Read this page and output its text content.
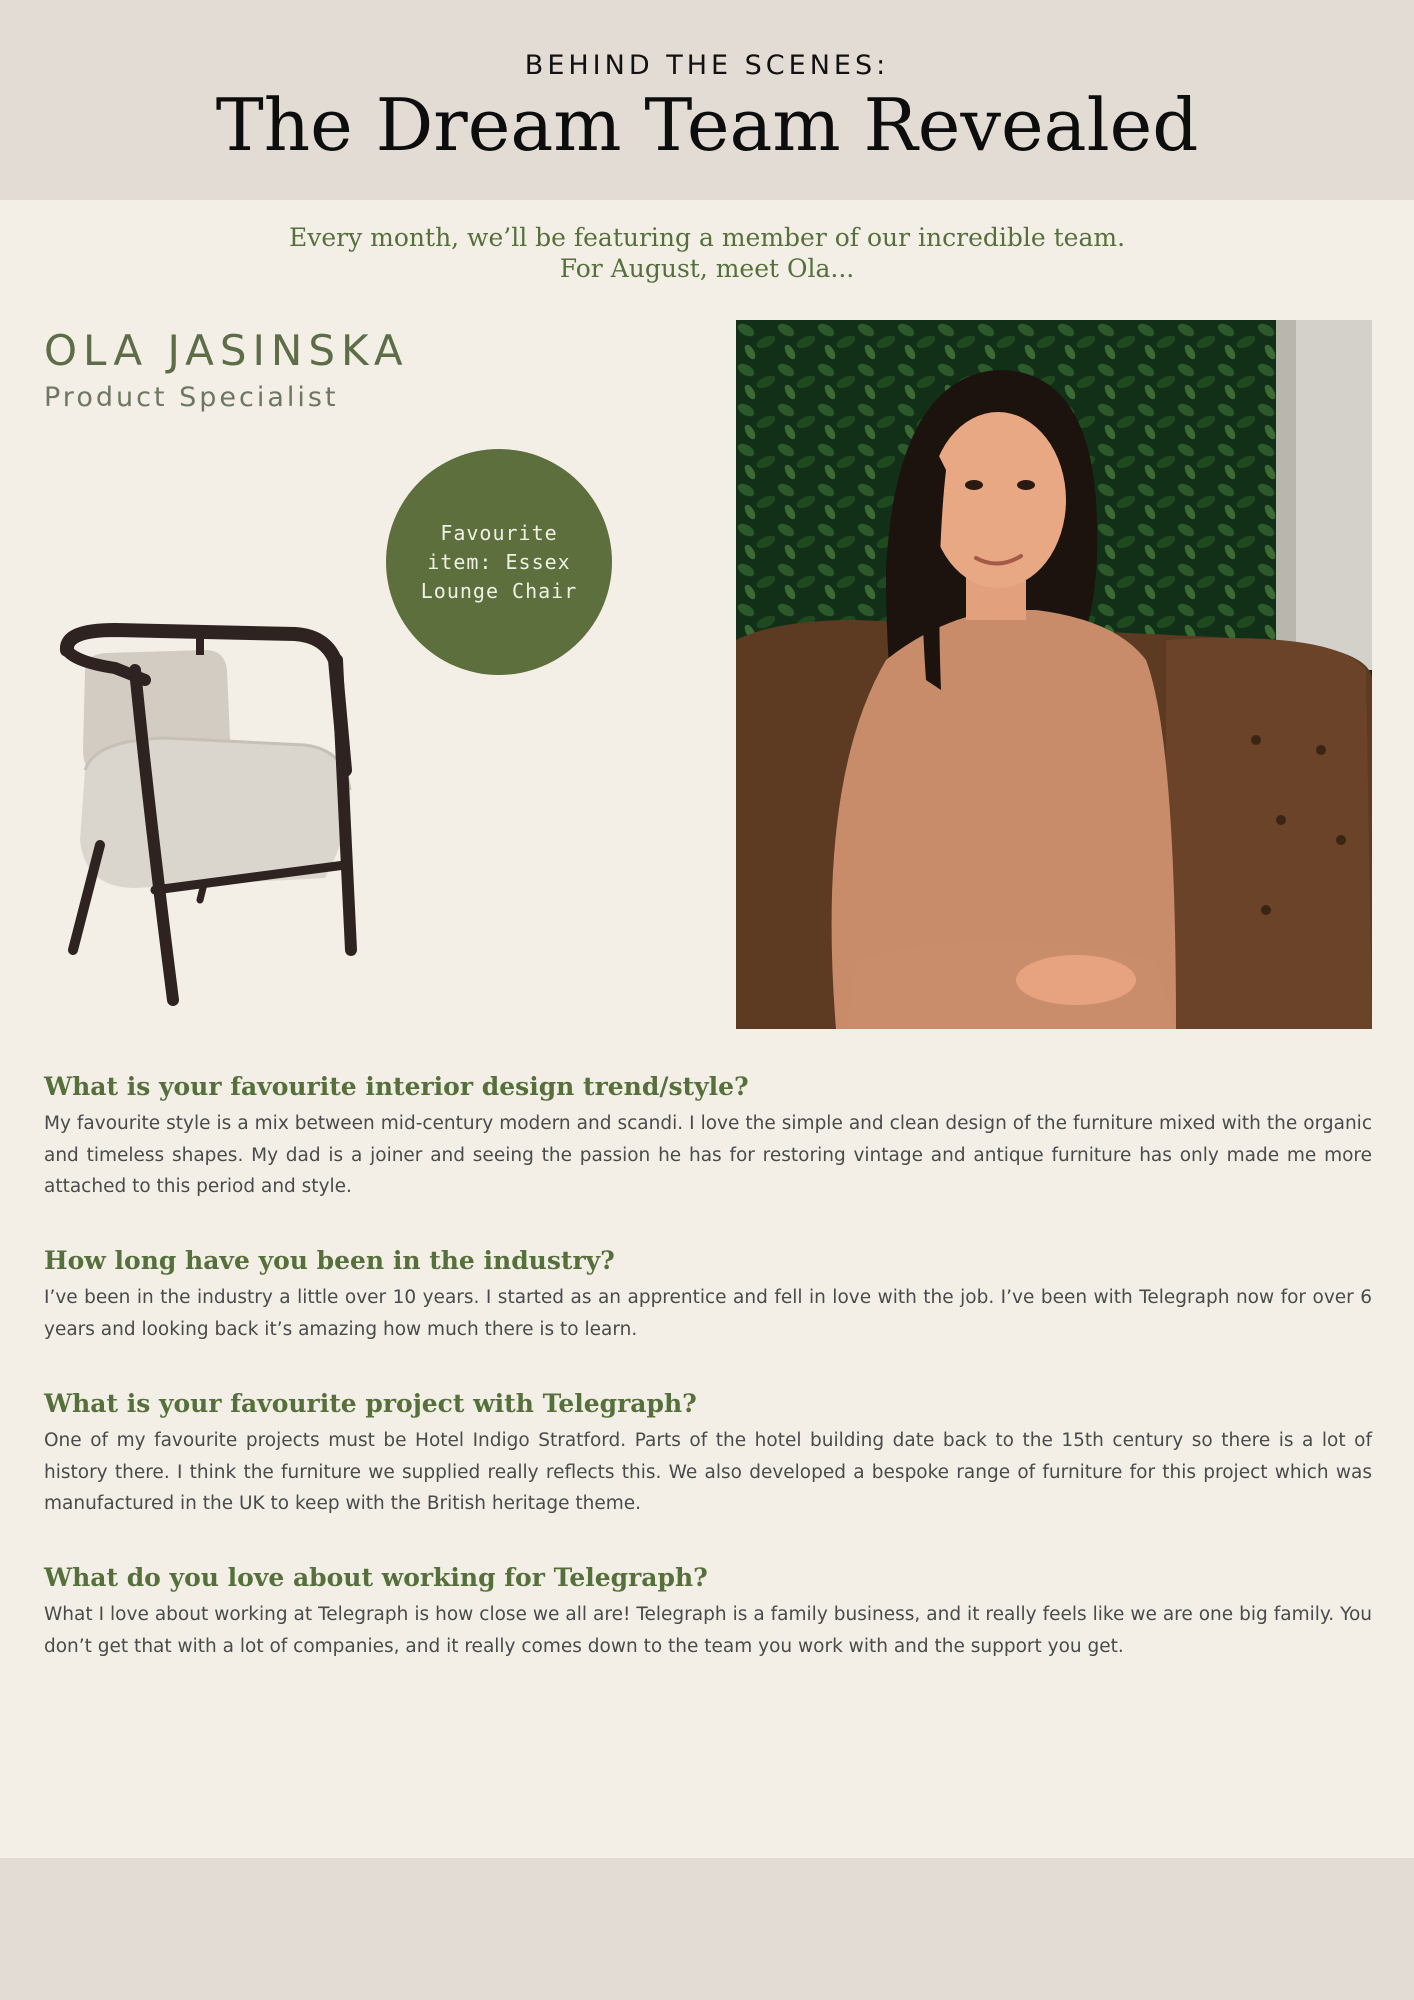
BEHIND THE SCENES:
The Dream Team Revealed
Every month, we’ll be featuring a member of our incredible team.
For August, meet Ola...
OLA JASINSKA
Product Specialist
Favourite item: Essex Lounge Chair

What is your favourite interior design trend/style?

My favourite style is a mix between mid-century modern and scandi. I love the simple and clean design of the furniture mixed with the organic and timeless shapes. My dad is a joiner and seeing the passion he has for restoring vintage and antique furniture has only made me more attached to this period and style.

How long have you been in the industry?

I’ve been in the industry a little over 10 years. I started as an apprentice and fell in love with the job. I’ve been with Telegraph now for over 6 years and looking back it’s amazing how much there is to learn.

What is your favourite project with Telegraph?

One of my favourite projects must be Hotel Indigo Stratford. Parts of the hotel building date back to the 15th century so there is a lot of history there. I think the furniture we supplied really reflects this. We also developed a bespoke range of furniture for this project which was manufactured in the UK to keep with the British heritage theme.

What do you love about working for Telegraph?

What I love about working at Telegraph is how close we all are! Telegraph is a family business, and it really feels like we are one big family. You don’t get that with a lot of companies, and it really comes down to the team you work with and the support you get.
